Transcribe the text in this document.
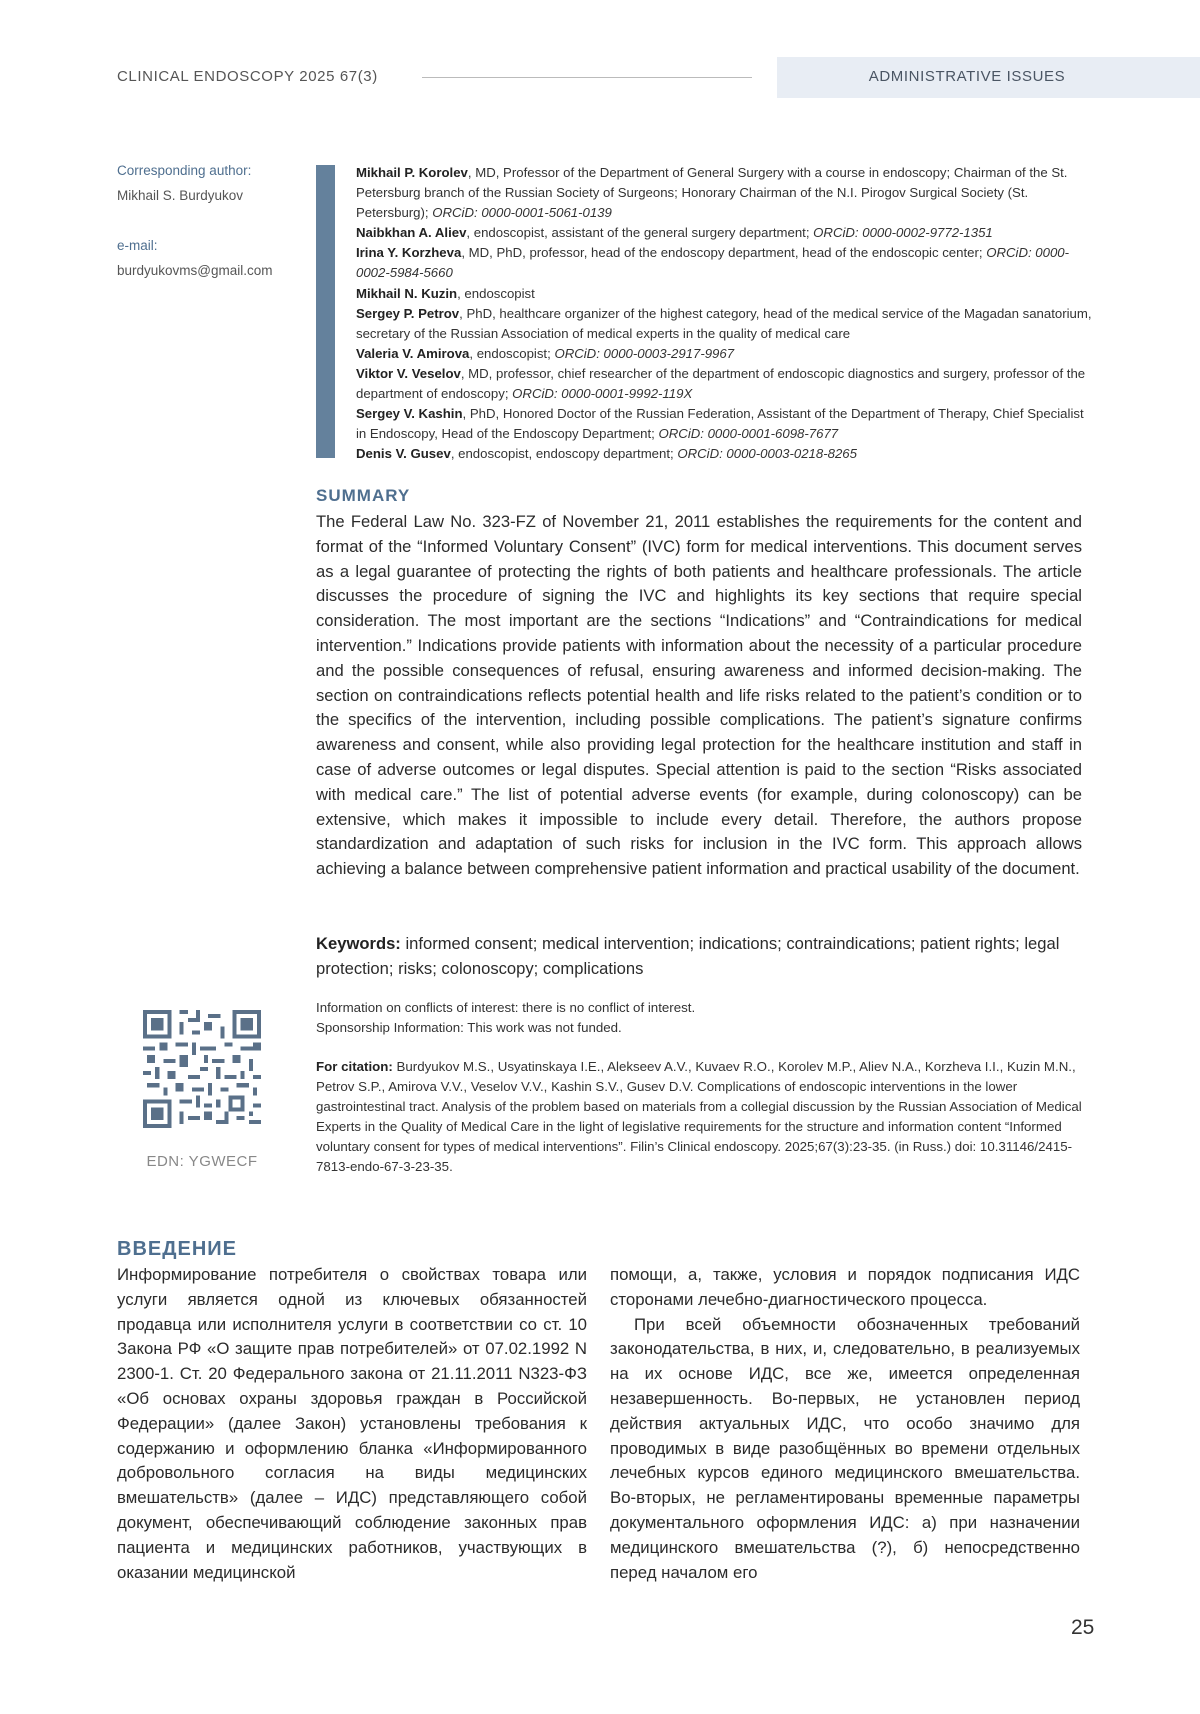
CLINICAL ENDOSCOPY 2025 67(3)	ADMINISTRATIVE ISSUES
Corresponding author:
Mikhail S. Burdyukov
e-mail:
burdyukovms@gmail.com

Mikhail P. Korolev, MD, Professor of the Department of General Surgery with a course in endoscopy; Chairman of the St. Petersburg branch of the Russian Society of Surgeons; Honorary Chairman of the N.I. Pirogov Surgical Society (St. Petersburg); ORCiD: 0000-0001-5061-0139

Naibkhan A. Aliev, endoscopist, assistant of the general surgery department; ORCiD: 0000-0002-9772-1351

Irina Y. Korzheva, MD, PhD, professor, head of the endoscopy department, head of the endoscopic center; ORCiD: 0000-0002-5984-5660

Mikhail N. Kuzin, endoscopist

Sergey P. Petrov, PhD, healthcare organizer of the highest category, head of the medical service of the Magadan sanatorium, secretary of the Russian Association of medical experts in the quality of medical care

Valeria V. Amirova, endoscopist; ORCiD: 0000-0003-2917-9967

Viktor V. Veselov, MD, professor, chief researcher of the department of endoscopic diagnostics and surgery, professor of the department of endoscopy; ORCiD: 0000-0001-9992-119X

Sergey V. Kashin, PhD, Honored Doctor of the Russian Federation, Assistant of the Department of Therapy, Chief Specialist in Endoscopy, Head of the Endoscopy Department; ORCiD: 0000-0001-6098-7677

Denis V. Gusev, endoscopist, endoscopy department; ORCiD: 0000-0003-0218-8265

SUMMARY
The Federal Law No. 323-FZ of November 21, 2011 establishes the requirements for the content and format of the “Informed Voluntary Consent” (IVC) form for medical interventions. This document serves as a legal guarantee of protecting the rights of both patients and healthcare professionals. The article discusses the procedure of signing the IVC and highlights its key sections that require special consideration. The most important are the sections “Indications” and “Contraindications for medical intervention.” Indications provide patients with information about the necessity of a particular procedure and the possible consequences of refusal, ensuring awareness and informed decision-making. The section on contraindications reflects potential health and life risks related to the patient’s condition or to the specifics of the intervention, including possible complications. The patient’s signature confirms awareness and consent, while also providing legal protection for the healthcare institution and staff in case of adverse outcomes or legal disputes. Special attention is paid to the section “Risks associated with medical care.” The list of potential adverse events (for example, during colonoscopy) can be extensive, which makes it impossible to include every detail. Therefore, the authors propose standardization and adaptation of such risks for inclusion in the IVC form. This approach allows achieving a balance between comprehensive patient information and practical usability of the document.
Keywords: informed consent; medical intervention; indications; contraindications; patient rights; legal protection; risks; colonoscopy; complications
EDN: YGWECF

Information on conflicts of interest: there is no conflict of interest.

Sponsorship Information: This work was not funded.

For citation: Burdyukov M.S., Usyatinskaya I.E., Alekseev A.V., Kuvaev R.O., Korolev M.P., Aliev N.A., Korzheva I.I., Kuzin M.N., Petrov S.P., Amirova V.V., Veselov V.V., Kashin S.V., Gusev D.V. Complications of endoscopic interventions in the lower gastrointestinal tract. Analysis of the problem based on materials from a collegial discussion by the Russian Association of Medical Experts in the Quality of Medical Care in the light of legislative requirements for the structure and information content “Informed voluntary consent for types of medical interventions”. Filin’s Clinical endoscopy. 2025;67(3):23-35. (in Russ.) doi: 10.31146/2415-7813-endo-67-3-23-35.
ВВЕДЕНИЕ

Информирование потребителя о свойствах товара или услуги является одной из ключевых обязанностей продавца или исполнителя услуги в соответствии со ст. 10 Закона РФ «О защите прав потребителей» от 07.02.1992 N 2300-1. Ст. 20 Федерального закона от 21.11.2011 N323-ФЗ «Об основах охраны здоровья граждан в Российской Федерации» (далее Закон) установлены требования к содержанию и оформлению бланка «Информированного добровольного согласия на виды медицинских вмешательств» (далее – ИДС) представляющего собой документ, обеспечивающий соблюдение законных прав пациента и медицинских работников, участвующих в оказании медицинской

помощи, а, также, условия и порядок подписания ИДС сторонами лечебно-диагностического процесса.

При всей объемности обозначенных требований законодательства, в них, и, следовательно, в реализуемых на их основе ИДС, все же, имеется определенная незавершенность. Во-первых, не установлен период действия актуальных ИДС, что особо значимо для проводимых в виде разобщённых во времени отдельных лечебных курсов единого медицинского вмешательства. Во-вторых, не регламентированы временные параметры документального оформления ИДС: а) при назначении медицинского вмешательства (?), б) непосредственно перед началом его

25
